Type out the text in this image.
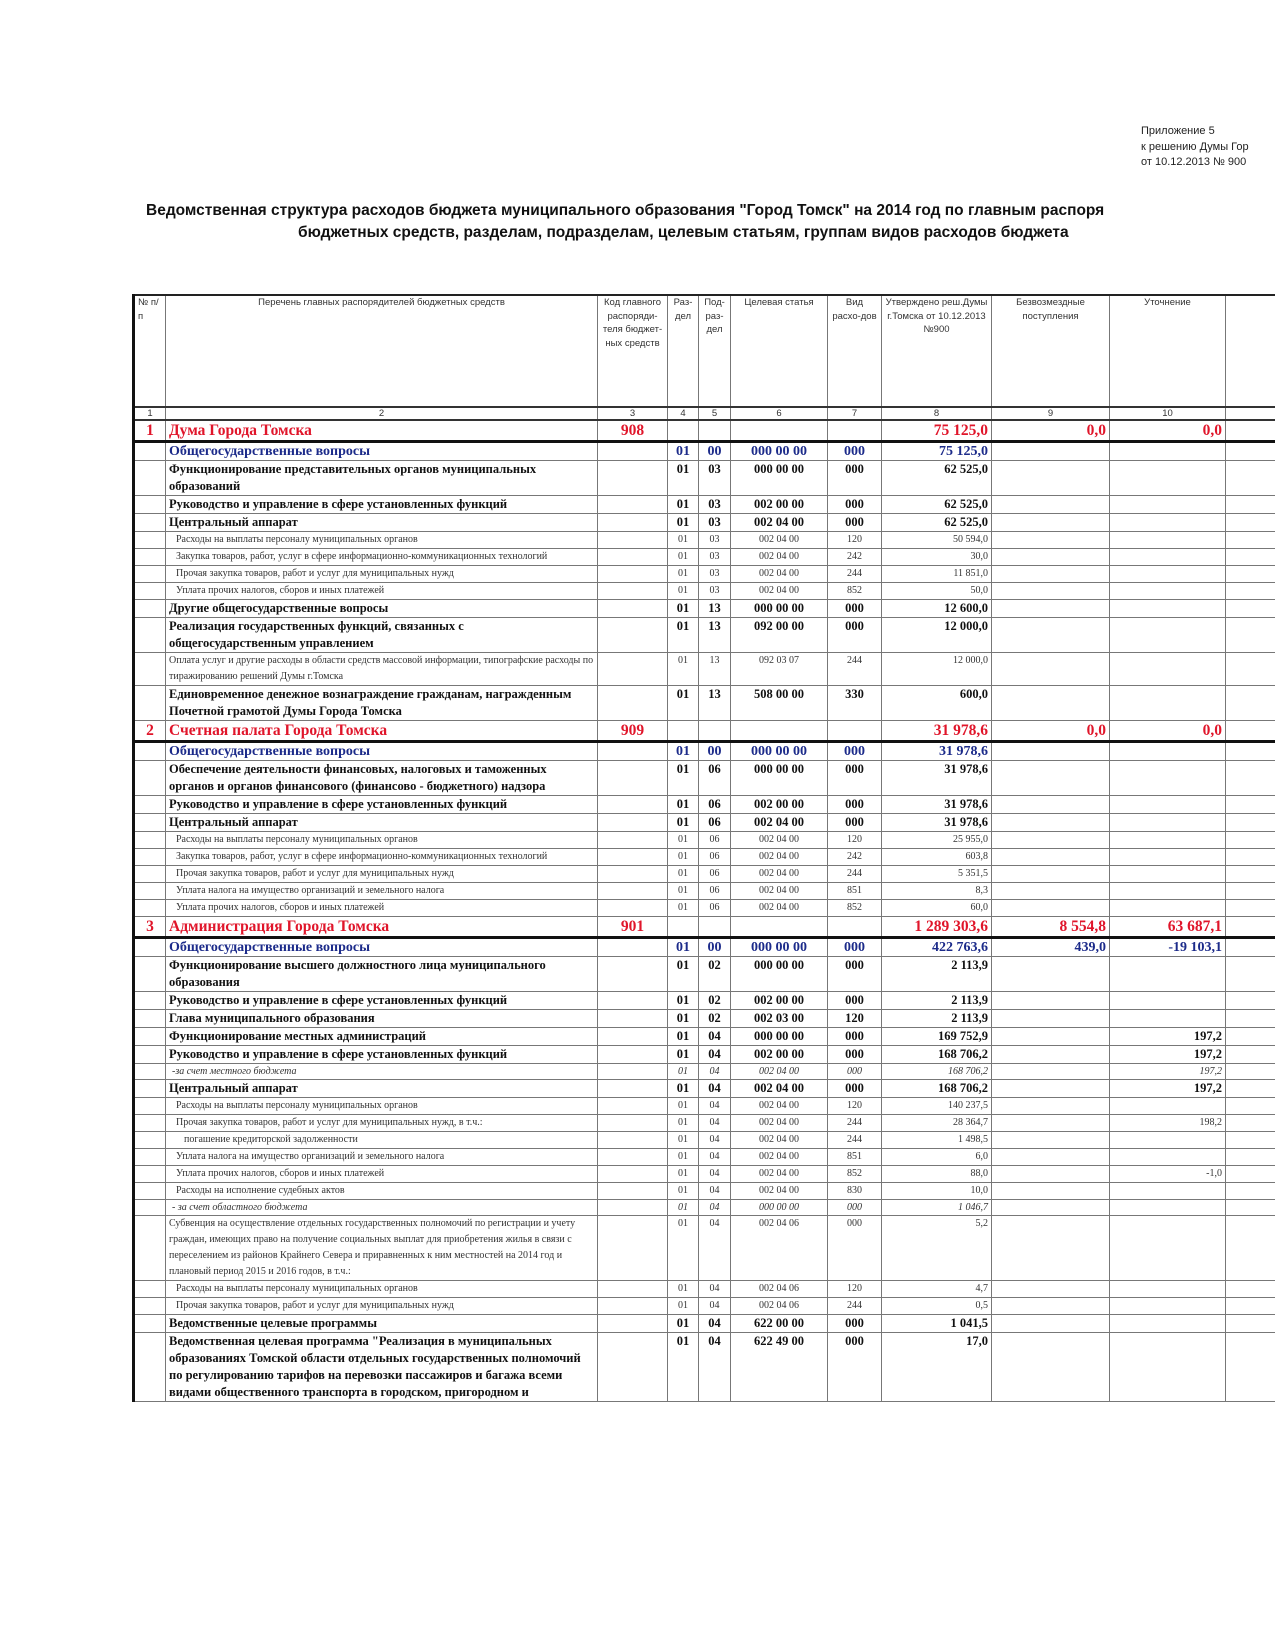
Приложение 5
к решению Думы Гор
от 10.12.2013 № 900
Ведомственная структура расходов бюджета муниципального образования "Город Томск" на 2014 год по главным распоря
бюджетных средств, разделам, подразделам, целевым статьям, группам видов расходов бюджета
№ п/п	Перечень главных распорядителей бюджетных средств	Код главного распоряди-теля бюджет-ных средств	Раз-дел	Под-раз-дел	Целевая статья	Вид расхо-дов	Утверждено реш.Думы г.Томска от 10.12.2013 №900	Безвозмездные поступления	Уточнение	
1	2	3	4	5	6	7	8	9	10	
1	Дума Города Томска	908					75 125,0	0,0	0,0	
	Общегосударственные вопросы		01	00	000 00 00	000	75 125,0			
	Функционирование представительных органов муниципальных образований		01	03	000 00 00	000	62 525,0			
	Руководство и управление в сфере установленных функций		01	03	002 00 00	000	62 525,0			
	Центральный аппарат		01	03	002 04 00	000	62 525,0			
	Расходы на выплаты персоналу муниципальных органов		01	03	002 04 00	120	50 594,0			
	Закупка товаров, работ, услуг в сфере информационно-коммуникационных технологий		01	03	002 04 00	242	30,0			
	Прочая закупка товаров, работ и услуг для муниципальных нужд		01	03	002 04 00	244	11 851,0			
	Уплата прочих налогов, сборов и иных платежей		01	03	002 04 00	852	50,0			
	Другие общегосударственные вопросы		01	13	000 00 00	000	12 600,0			
	Реализация государственных функций, связанных с общегосударственным управлением		01	13	092 00 00	000	12 000,0			
	Оплата услуг и другие расходы в области средств массовой информации, типографские расходы по тиражированию решений Думы г.Томска		01	13	092 03 07	244	12 000,0			
	Единовременное денежное вознаграждение гражданам, награжденным Почетной грамотой Думы Города Томска		01	13	508 00 00	330	600,0			
2	Счетная палата Города Томска	909					31 978,6	0,0	0,0	
	Общегосударственные вопросы		01	00	000 00 00	000	31 978,6			
	Обеспечение деятельности финансовых, налоговых и таможенных органов и органов финансового (финансово - бюджетного) надзора		01	06	000 00 00	000	31 978,6			
	Руководство и управление в сфере установленных функций		01	06	002 00 00	000	31 978,6			
	Центральный аппарат		01	06	002 04 00	000	31 978,6			
	Расходы на выплаты персоналу муниципальных органов		01	06	002 04 00	120	25 955,0			
	Закупка товаров, работ, услуг в сфере информационно-коммуникационных технологий		01	06	002 04 00	242	603,8			
	Прочая закупка товаров, работ и услуг для муниципальных нужд		01	06	002 04 00	244	5 351,5			
	Уплата налога на имущество организаций и земельного налога		01	06	002 04 00	851	8,3			
	Уплата прочих налогов, сборов и иных платежей		01	06	002 04 00	852	60,0			
3	Администрация Города Томска	901					1 289 303,6	8 554,8	63 687,1	
	Общегосударственные вопросы		01	00	000 00 00	000	422 763,6	439,0	-19 103,1	
	Функционирование высшего должностного лица муниципального образования		01	02	000 00 00	000	2 113,9			
	Руководство и управление в сфере установленных функций		01	02	002 00 00	000	2 113,9			
	Глава муниципального образования		01	02	002 03 00	120	2 113,9			
	Функционирование местных администраций		01	04	000 00 00	000	169 752,9		197,2	
	Руководство и управление в сфере установленных функций		01	04	002 00 00	000	168 706,2		197,2	
	-за счет местного бюджета		01	04	002 04 00	000	168 706,2		197,2	
	Центральный аппарат		01	04	002 04 00	000	168 706,2		197,2	
	Расходы на выплаты персоналу муниципальных органов		01	04	002 04 00	120	140 237,5			
	Прочая закупка товаров, работ и услуг для муниципальных нужд, в т.ч.:		01	04	002 04 00	244	28 364,7		198,2	
	погашение кредиторской задолженности		01	04	002 04 00	244	1 498,5			
	Уплата налога на имущество организаций и земельного налога		01	04	002 04 00	851	6,0			
	Уплата прочих налогов, сборов и иных платежей		01	04	002 04 00	852	88,0		-1,0	
	Расходы на исполнение судебных актов		01	04	002 04 00	830	10,0			
	- за счет областного бюджета		01	04	000 00 00	000	1 046,7			
	Субвенция на осуществление отдельных государственных полномочий по регистрации и учету граждан, имеющих право на получение социальных выплат для приобретения жилья в связи с переселением из районов Крайнего Севера и приравненных к ним местностей на 2014 год и плановый период 2015 и 2016 годов, в т.ч.:		01	04	002 04 06	000	5,2			
	Расходы на выплаты персоналу муниципальных органов		01	04	002 04 06	120	4,7			
	Прочая закупка товаров, работ и услуг для муниципальных нужд		01	04	002 04 06	244	0,5			
	Ведомственные целевые программы		01	04	622 00 00	000	1 041,5			
	Ведомственная целевая программа "Реализация в муниципальных образованиях Томской области отдельных государственных полномочий по регулированию тарифов на перевозки пассажиров и багажа всеми видами общественного транспорта в городском, пригородном и		01	04	622 49 00	000	17,0			
